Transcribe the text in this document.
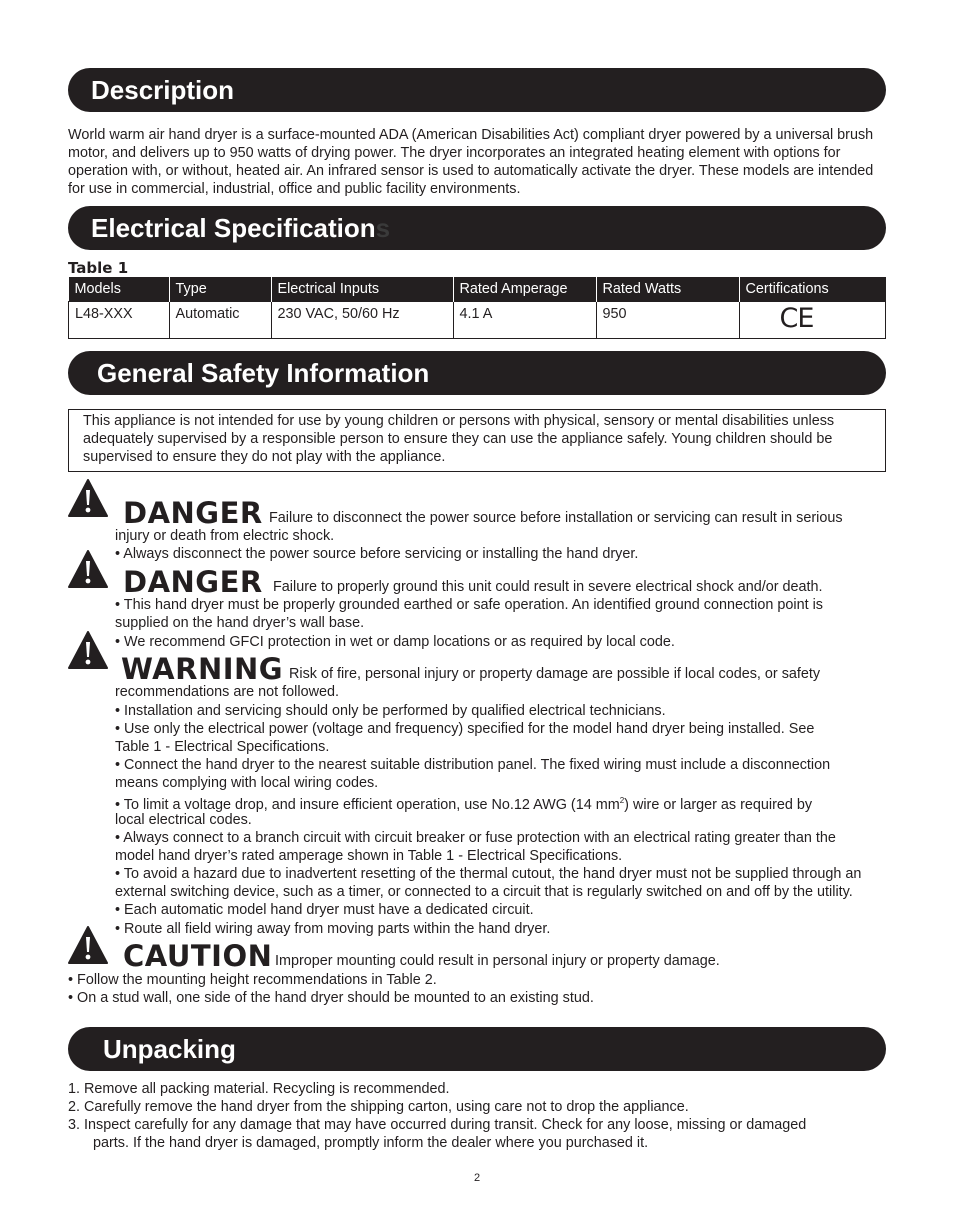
Description

World warm air hand dryer is a surface-mounted ADA (American Disabilities Act) compliant dryer powered by a universal brush motor, and delivers up to 950 watts of drying power. The dryer incorporates an integrated heating element with options for operation with, or without, heated air. An infrared sensor is used to automatically activate the dryer. These models are intended for use in commercial, industrial, office and public facility environments.

Electrical Specifications
Table 1
Models	Type	Electrical Inputs	Rated Amperage	Rated Watts	Certifications
L48-XXX	Automatic	230 VAC, 50/60 Hz	4.1 A	950	CE
General Safety Information

This appliance is not intended for use by young children or persons with physical, sensory or mental disabilities unless adequately supervised by a responsible person to ensure they can use the appliance safely. Young children should be supervised to ensure they do not play with the appliance.

DANGER Failure to disconnect the power source before installation or servicing can result in serious
injury or death from electric shock.
• Always disconnect the power source before servicing or installing the hand dryer.
DANGER Failure to properly ground this unit could result in severe electrical shock and/or death.
• This hand dryer must be properly grounded earthed or safe operation. An identified ground connection point is
supplied on the hand dryer’s wall base.
• We recommend GFCI protection in wet or damp locations or as required by local code.
WARNING Risk of fire, personal injury or property damage are possible if local codes, or safety
recommendations are not followed.
• Installation and servicing should only be performed by qualified electrical technicians.
• Use only the electrical power (voltage and frequency) specified for the model hand dryer being installed. See
Table 1 - Electrical Specifications.
• Connect the hand dryer to the nearest suitable distribution panel. The fixed wiring must include a disconnection
means complying with local wiring codes.
• To limit a voltage drop, and insure efficient operation, use No.12 AWG (14 $mm^2$) wire or larger as required by
local electrical codes.
• Always connect to a branch circuit with circuit breaker or fuse protection with an electrical rating greater than the
model hand dryer’s rated amperage shown in Table 1 - Electrical Specifications.
• To avoid a hazard due to inadvertent resetting of the thermal cutout, the hand dryer must not be supplied through an
external switching device, such as a timer, or connected to a circuit that is regularly switched on and off by the utility.
• Each automatic model hand dryer must have a dedicated circuit.
• Route all field wiring away from moving parts within the hand dryer.
CAUTION Improper mounting could result in personal injury or property damage.
• Follow the mounting height recommendations in Table 2.
• On a stud wall, one side of the hand dryer should be mounted to an existing stud.
Unpacking
1. Remove all packing material. Recycling is recommended.
2. Carefully remove the hand dryer from the shipping carton, using care not to drop the appliance.
3. Inspect carefully for any damage that may have occurred during transit. Check for any loose, missing or damaged
parts. If the hand dryer is damaged, promptly inform the dealer where you purchased it.
2
